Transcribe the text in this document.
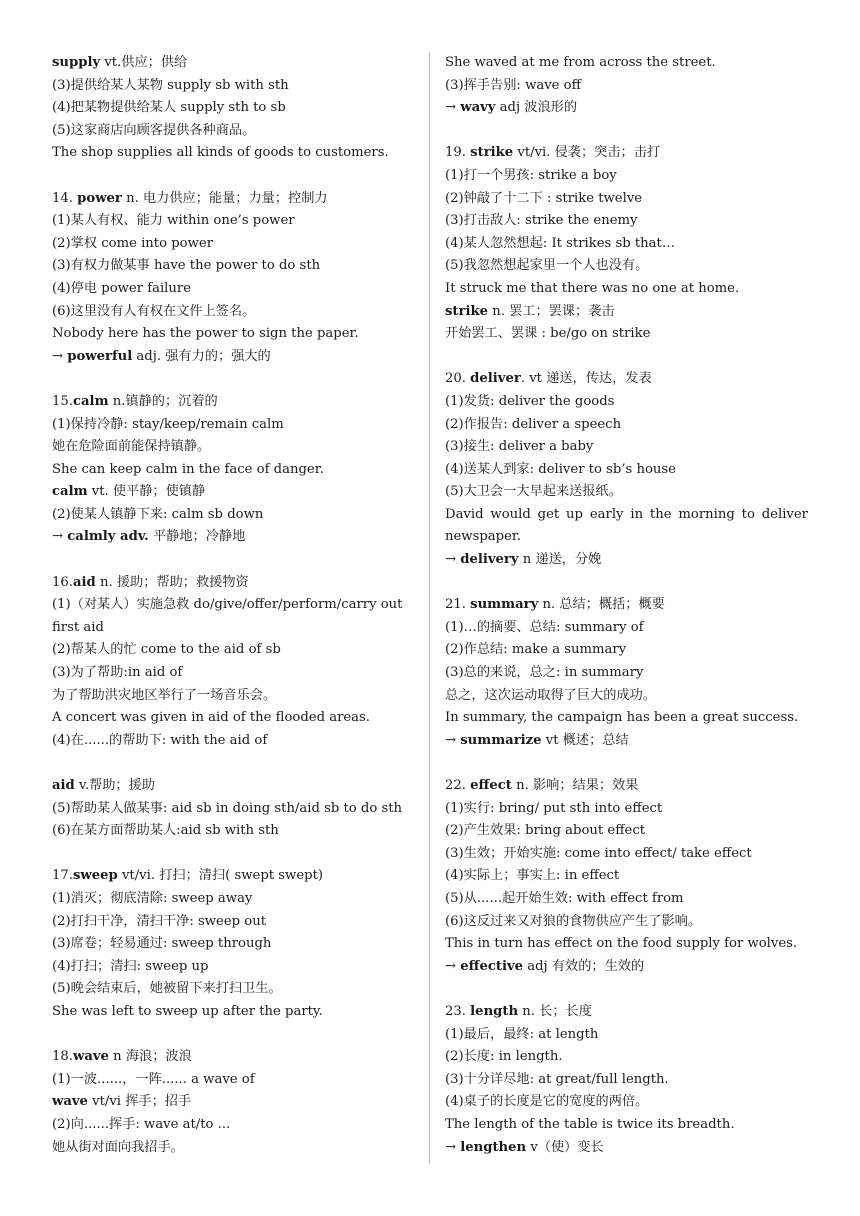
supply vt.供应；供给
(3)提供给某人某物 supply sb with sth
(4)把某物提供给某人 supply sth to sb
(5)这家商店向顾客提供各种商品。
The shop supplies all kinds of goods to customers.
14. power n. 电力供应；能量；力量；控制力
(1)某人有权、能力 within one’s power
(2)掌权 come into power
(3)有权力做某事 have the power to do sth
(4)停电 power failure
(6)这里没有人有权在文件上签名。
Nobody here has the power to sign the paper.
→ powerful adj. 强有力的；强大的
15.calm n.镇静的；沉着的
(1)保持冷静: stay/keep/remain calm
她在危险面前能保持镇静。
She can keep calm in the face of danger.
calm vt. 使平静；使镇静
(2)使某人镇静下来: calm sb down
→ calmly adv. 平静地；冷静地
16.aid n. 援助；帮助；救援物资
(1)（对某人）实施急救 do/give/offer/perform/carry out
first aid
(2)帮某人的忙 come to the aid of sb
(3)为了帮助:in aid of
为了帮助洪灾地区举行了一场音乐会。
A concert was given in aid of the flooded areas.
(4)在......的帮助下: with the aid of
aid v.帮助；援助
(5)帮助某人做某事: aid sb in doing sth/aid sb to do sth
(6)在某方面帮助某人:aid sb with sth
17.sweep vt/vi. 打扫；清扫( swept swept)
(1)消灭；彻底清除: sweep away
(2)打扫干净，清扫干净: sweep out
(3)席卷；轻易通过: sweep through
(4)打扫；清扫: sweep up
(5)晚会结束后，她被留下来打扫卫生。
She was left to sweep up after the party.
18.wave n 海浪；波浪
(1)一波......，一阵...... a wave of
wave vt/vi 挥手；招手
(2)向......挥手: wave at/to ...
她从街对面向我招手。
She waved at me from across the street.
(3)挥手告别: wave off
→ wavy adj 波浪形的
19. strike vt/vi. 侵袭；突击；击打
(1)打一个男孩: strike a boy
(2)钟敲了十二下 : strike twelve
(3)打击敌人: strike the enemy
(4)某人忽然想起: It strikes sb that…
(5)我忽然想起家里一个人也没有。
It struck me that there was no one at home.
strike n. 罢工；罢课；袭击
开始罢工、罢课 : be/go on strike
20. deliver. vt 递送，传达，发表
(1)发货: deliver the goods
(2)作报告: deliver a speech
(3)接生: deliver a baby
(4)送某人到家: deliver to sb’s house
(5)大卫会一大早起来送报纸。
David would get up early in the morning to deliver
newspaper.
→ delivery n 递送，分娩
21. summary n. 总结；概括；概要
(1)…的摘要、总结: summary of
(2)作总结: make a summary
(3)总的来说，总之: in summary
总之，这次运动取得了巨大的成功。
In summary, the campaign has been a great success.
→ summarize vt 概述；总结
22. effect n. 影响；结果；效果
(1)实行: bring/ put sth into effect
(2)产生效果: bring about effect
(3)生效；开始实施: come into effect/ take effect
(4)实际上；事实上: in effect
(5)从......起开始生效: with effect from
(6)这反过来又对狼的食物供应产生了影响。
This in turn has effect on the food supply for wolves.
→ effective adj 有效的；生效的
23. length n. 长；长度
(1)最后，最终: at length
(2)长度: in length.
(3)十分详尽地: at great/full length.
(4)桌子的长度是它的宽度的两倍。
The length of the table is twice its breadth.
→ lengthen v（使）变长
